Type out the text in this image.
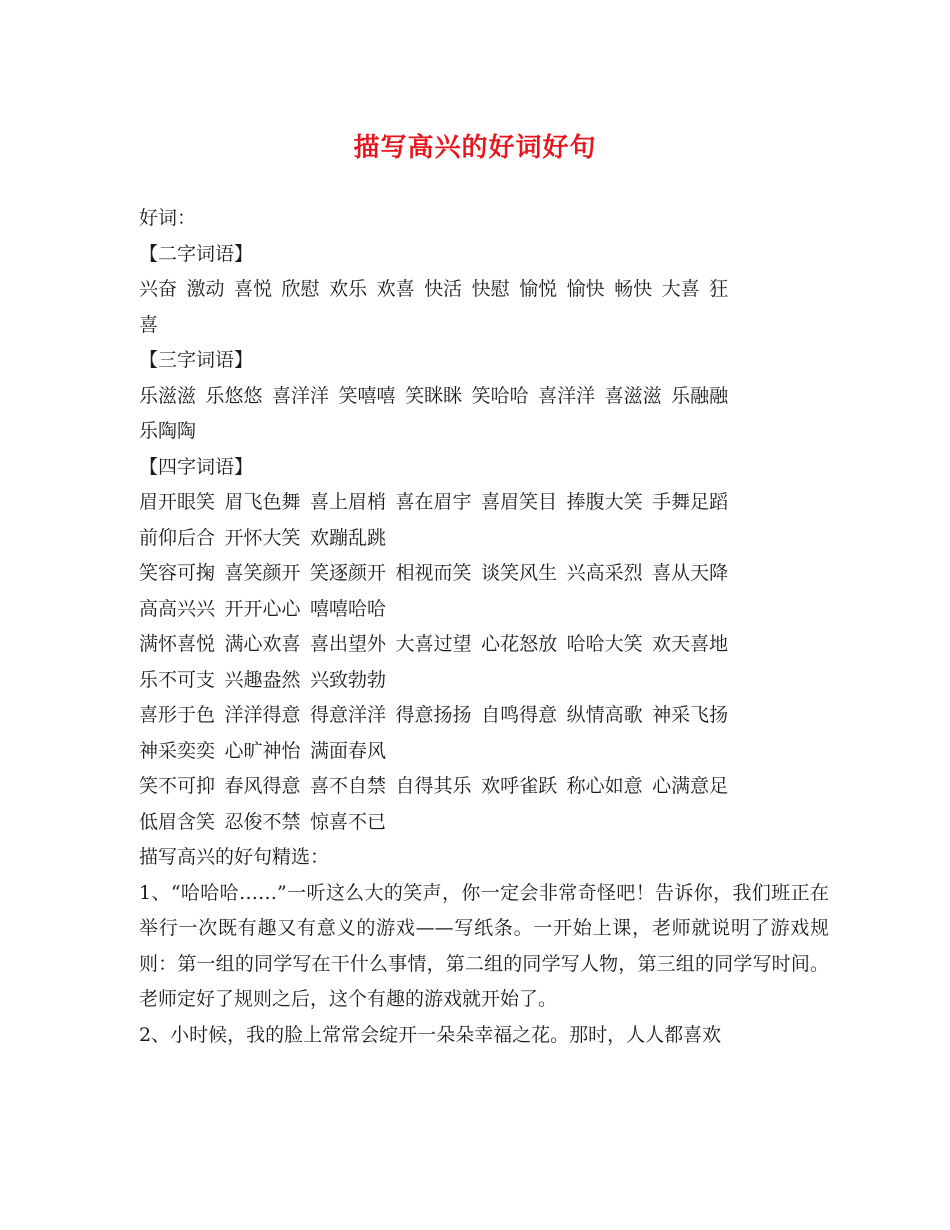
描写高兴的好词好句
好词：
【二字词语】
兴奋 激动 喜悦 欣慰 欢乐 欢喜 快活 快慰 愉悦 愉快 畅快 大喜 狂
喜
【三字词语】
乐滋滋 乐悠悠 喜洋洋 笑嘻嘻 笑眯眯 笑哈哈 喜洋洋 喜滋滋 乐融融
乐陶陶
【四字词语】
眉开眼笑 眉飞色舞 喜上眉梢 喜在眉宇 喜眉笑目 捧腹大笑 手舞足蹈
前仰后合 开怀大笑 欢蹦乱跳
笑容可掬 喜笑颜开 笑逐颜开 相视而笑 谈笑风生 兴高采烈 喜从天降
高高兴兴 开开心心 嘻嘻哈哈
满怀喜悦 满心欢喜 喜出望外 大喜过望 心花怒放 哈哈大笑 欢天喜地
乐不可支 兴趣盎然 兴致勃勃
喜形于色 洋洋得意 得意洋洋 得意扬扬 自鸣得意 纵情高歌 神采飞扬
神采奕奕 心旷神怡 满面春风
笑不可抑 春风得意 喜不自禁 自得其乐 欢呼雀跃 称心如意 心满意足
低眉含笑 忍俊不禁 惊喜不已
描写高兴的好句精选：
1、“哈哈哈……”一听这么大的笑声，你一定会非常奇怪吧！告诉你，我们班正在举行一次既有趣又有意义的游戏——写纸条。一开始上课，老师就说明了游戏规则：第一组的同学写在干什么事情，第二组的同学写人物，第三组的同学写时间。老师定好了规则之后，这个有趣的游戏就开始了。
2、小时候，我的脸上常常会绽开一朵朵幸福之花。那时，人人都喜欢
